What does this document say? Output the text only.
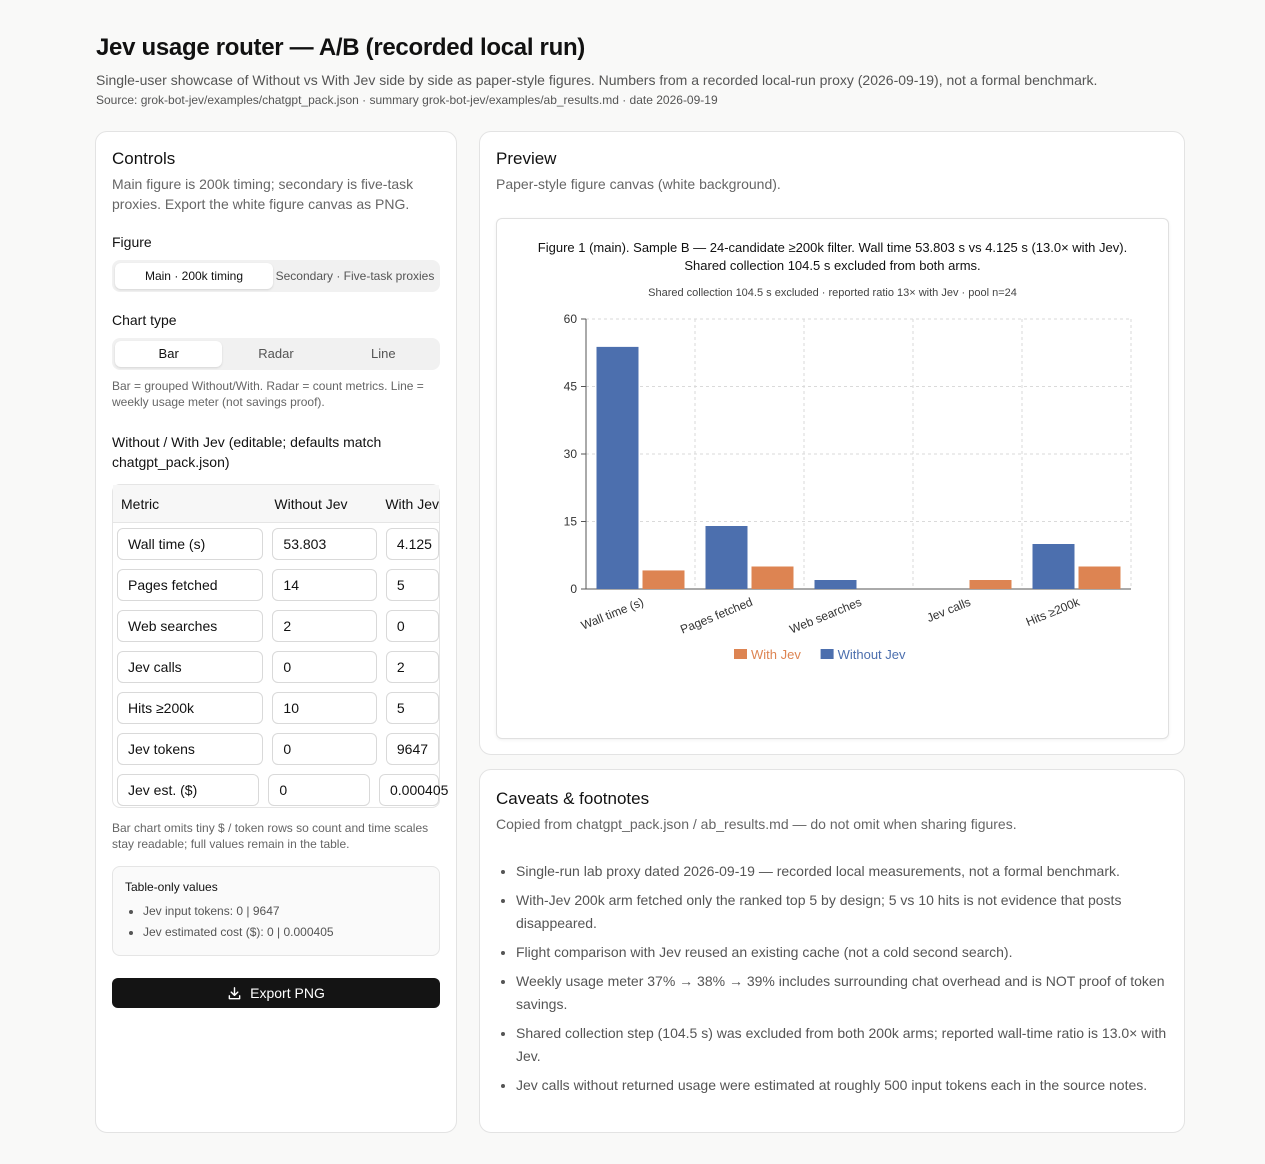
Jev usage router — A/B (recorded local run)
Single-user showcase of Without vs With Jev side by side as paper-style figures. Numbers from a recorded local-run proxy (2026-09-19), not a formal benchmark.
Source: grok-bot-jev/examples/chatgpt_pack.json · summary grok-bot-jev/examples/ab_results.md · date 2026-09-19
Controls
Main figure is 200k timing; secondary is five-task proxies. Export the white figure canvas as PNG.
Figure
Main · 200k timing	Secondary · Five-task proxies
Chart type
Bar	Radar	Line
Bar = grouped Without/With. Radar = count metrics. Line = weekly usage meter (not savings proof).
Without / With Jev (editable; defaults match chatgpt_pack.json)
Metric	Without Jev	With Jev
Wall time (s)	53.803	4.125
Pages fetched	14	5
Web searches	2	0
Jev calls	0	2
Hits ≥200k	10	5
Jev tokens	0	9647
Jev est. ($)	0	0.000405
Bar chart omits tiny $ / token rows so count and time scales stay readable; full values remain in the table.
Table-only values
• Jev input tokens: 0 | 9647
• Jev estimated cost ($): 0 | 0.000405
Export PNG
Preview
Paper-style figure canvas (white background).
Figure 1 (main). Sample B — 24-candidate ≥200k filter. Wall time 53.803 s vs 4.125 s (13.0× with Jev). Shared collection 104.5 s excluded from both arms.
Shared collection 104.5 s excluded · reported ratio 13× with Jev · pool n=24
0
15
30
45
60
Wall time (s)	Pages fetched	Web searches	Jev calls	Hits ≥200k
With Jev	Without Jev
Caveats & footnotes
Copied from chatgpt_pack.json / ab_results.md — do not omit when sharing figures.
• Single-run lab proxy dated 2026-09-19 — recorded local measurements, not a formal benchmark.
• With-Jev 200k arm fetched only the ranked top 5 by design; 5 vs 10 hits is not evidence that posts disappeared.
• Flight comparison with Jev reused an existing cache (not a cold second search).
• Weekly usage meter 37% → 38% → 39% includes surrounding chat overhead and is NOT proof of token savings.
• Shared collection step (104.5 s) was excluded from both 200k arms; reported wall-time ratio is 13.0× with Jev.
• Jev calls without returned usage were estimated at roughly 500 input tokens each in the source notes.
